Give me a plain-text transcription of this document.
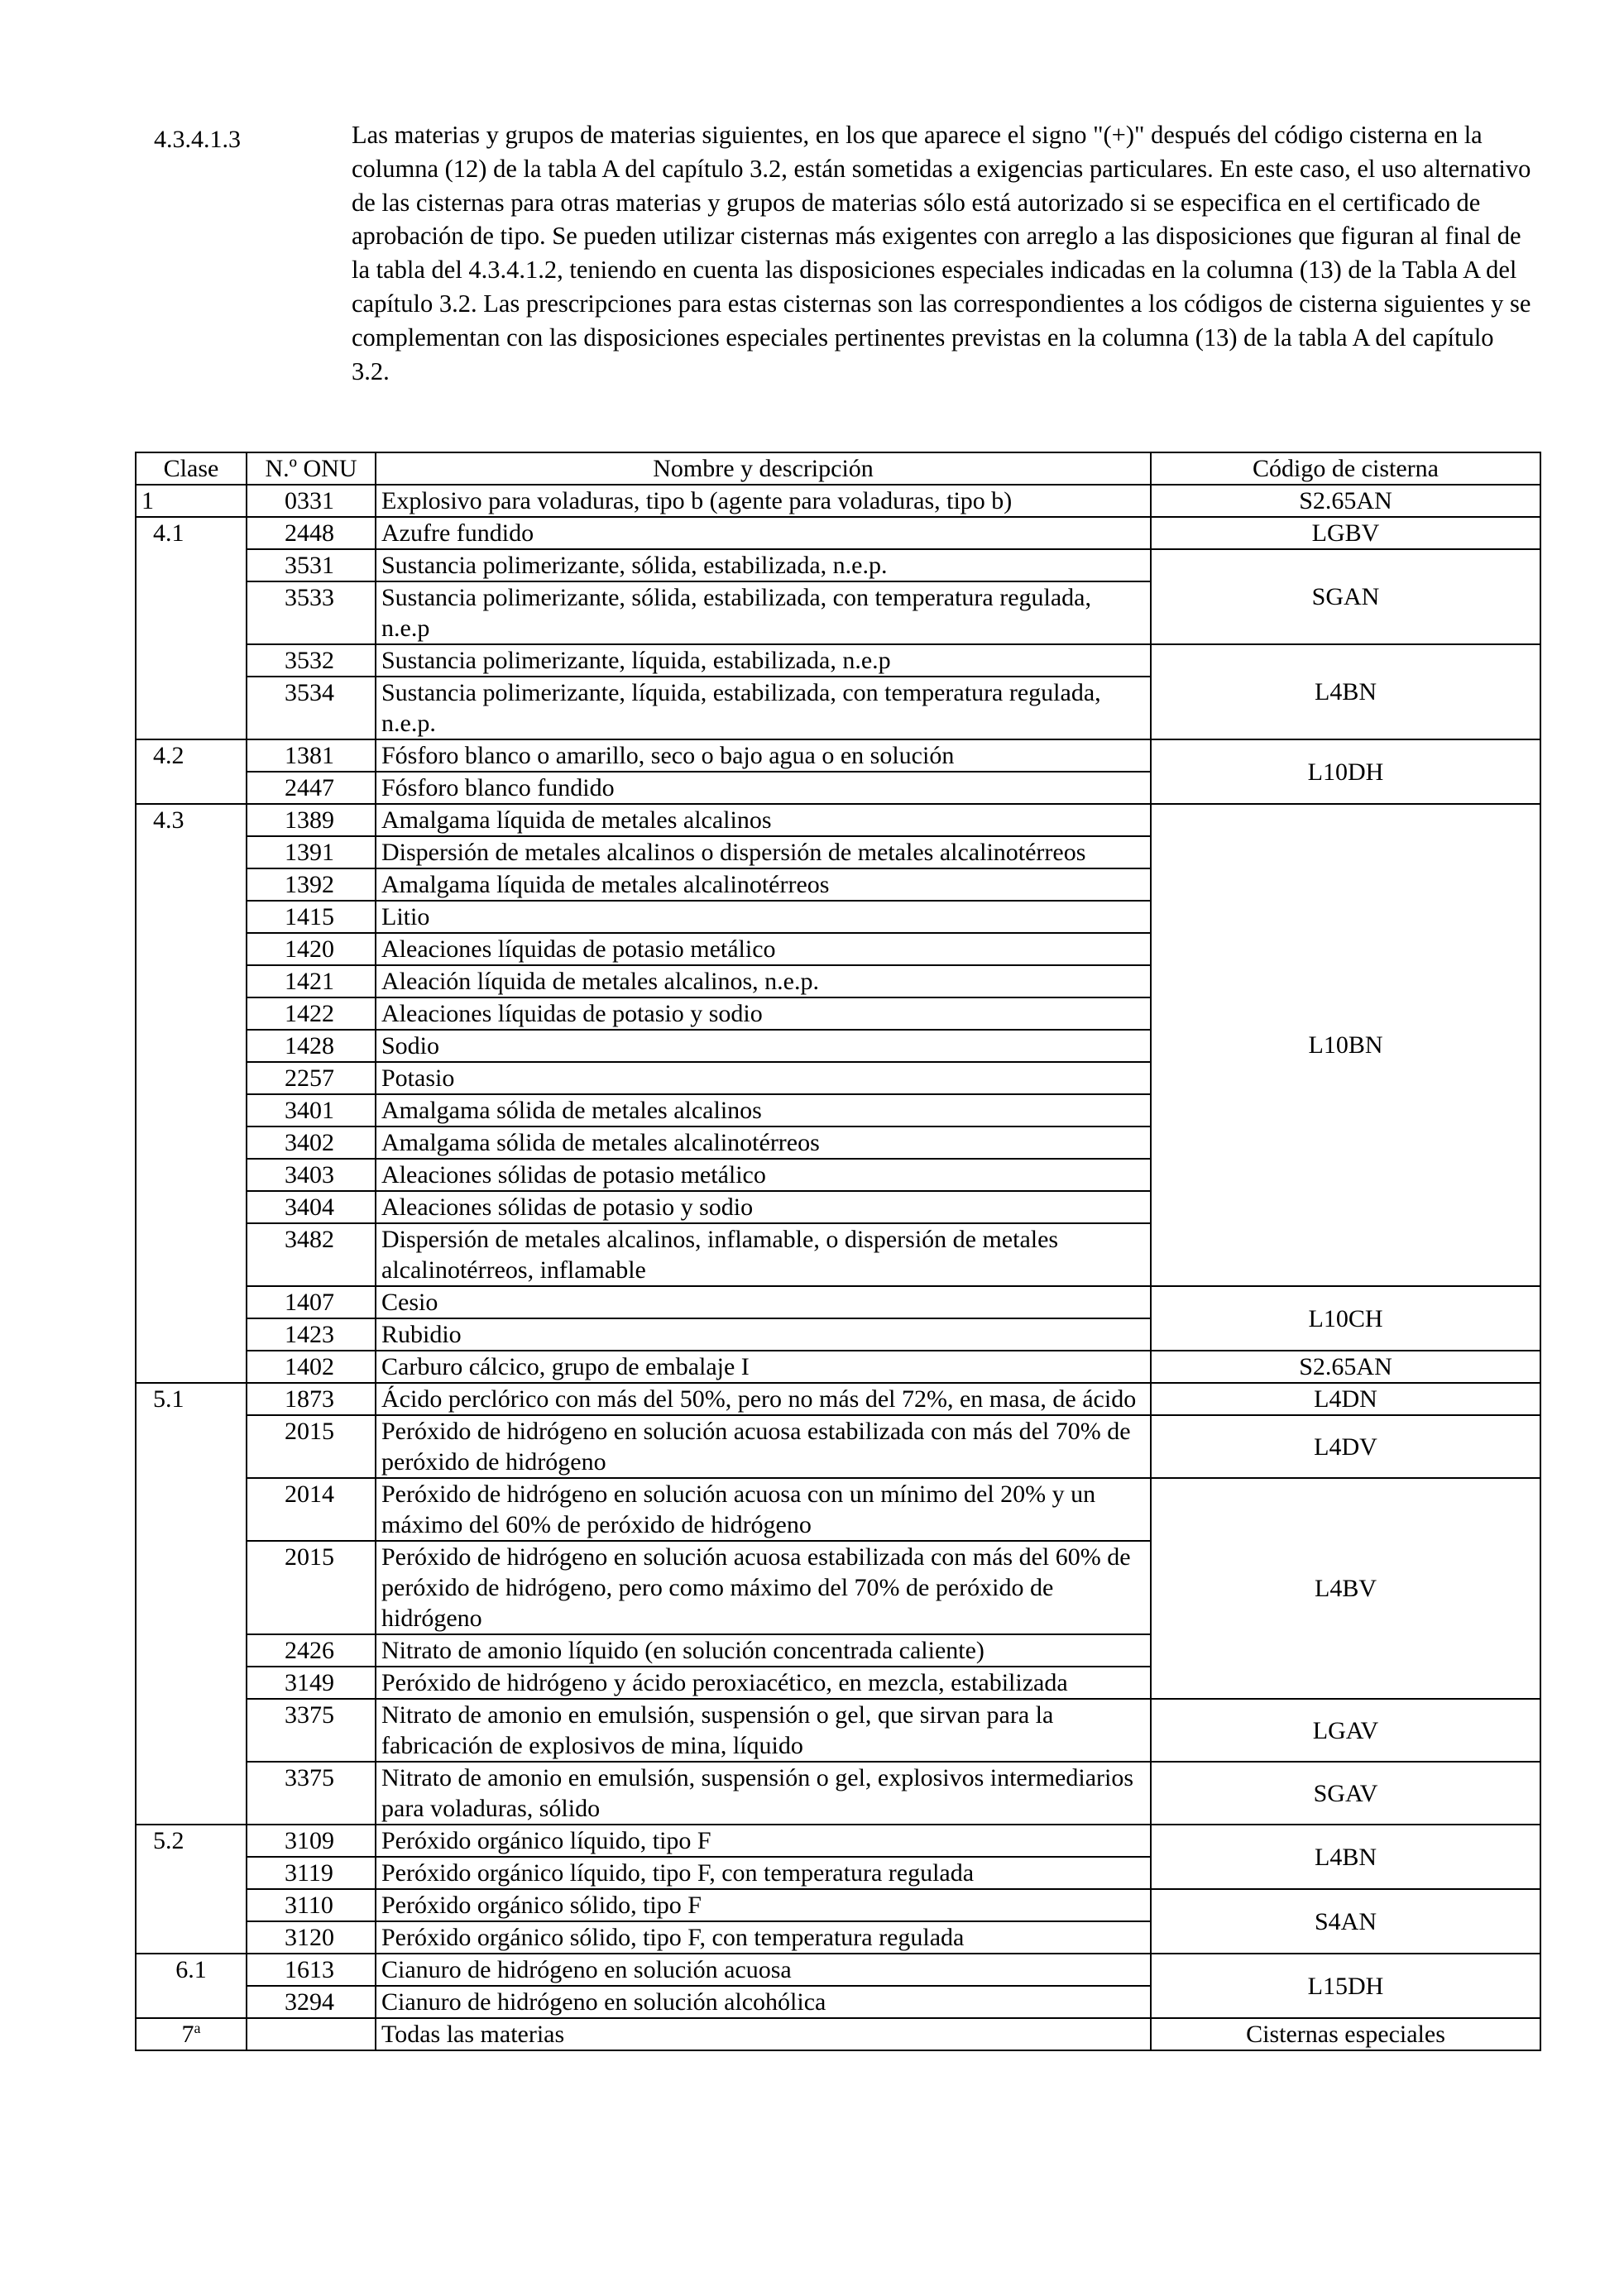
4.3.4.1.3	Las materias y grupos de materias siguientes, en los que aparece el signo "(+)" después del código cisterna en la columna (12) de la tabla A del capítulo 3.2, están sometidas a exigencias particulares. En este caso, el uso alternativo de las cisternas para otras materias y grupos de materias sólo está autorizado si se especifica en el certificado de aprobación de tipo. Se pueden utilizar cisternas más exigentes con arreglo a las disposiciones que figuran al final de la tabla del 4.3.4.1.2, teniendo en cuenta las disposiciones especiales indicadas en la columna (13) de la Tabla A del capítulo 3.2. Las prescripciones para estas cisternas son las correspondientes a los códigos de cisterna siguientes y se complementan con las disposiciones especiales pertinentes previstas en la columna (13) de la tabla A del capítulo 3.2.
Clase	N.º ONU	Nombre y descripción	Código de cisterna
1	0331	Explosivo para voladuras, tipo b (agente para voladuras, tipo b)	S2.65AN
4.1	2448	Azufre fundido	LGBV
	3531	Sustancia polimerizante, sólida, estabilizada, n.e.p.	SGAN
	3533	Sustancia polimerizante, sólida, estabilizada, con temperatura regulada, n.e.p	
	3532	Sustancia polimerizante, líquida, estabilizada, n.e.p	L4BN
	3534	Sustancia polimerizante, líquida, estabilizada, con temperatura regulada, n.e.p.	
4.2	1381	Fósforo blanco o amarillo, seco o bajo agua o en solución	L10DH
	2447	Fósforo blanco fundido	
4.3	1389	Amalgama líquida de metales alcalinos	L10BN
	1391	Dispersión de metales alcalinos o dispersión de metales alcalinotérreos	
	1392	Amalgama líquida de metales alcalinotérreos	
	1415	Litio	
	1420	Aleaciones líquidas de potasio metálico	
	1421	Aleación líquida de metales alcalinos, n.e.p.	
	1422	Aleaciones líquidas de potasio y sodio	
	1428	Sodio	
	2257	Potasio	
	3401	Amalgama sólida de metales alcalinos	
	3402	Amalgama sólida de metales alcalinotérreos	
	3403	Aleaciones sólidas de potasio metálico	
	3404	Aleaciones sólidas de potasio y sodio	
	3482	Dispersión de metales alcalinos, inflamable, o dispersión de metales alcalinotérreos, inflamable	
	1407	Cesio	L10CH
	1423	Rubidio	
	1402	Carburo cálcico, grupo de embalaje I	S2.65AN
5.1	1873	Ácido perclórico con más del 50%, pero no más del 72%, en masa, de ácido	L4DN
	2015	Peróxido de hidrógeno en solución acuosa estabilizada con más del 70% de peróxido de hidrógeno	L4DV
	2014	Peróxido de hidrógeno en solución acuosa con un mínimo del 20% y un máximo del 60% de peróxido de hidrógeno	L4BV
	2015	Peróxido de hidrógeno en solución acuosa estabilizada con más del 60% de peróxido de hidrógeno, pero como máximo del 70% de peróxido de hidrógeno	
	2426	Nitrato de amonio líquido (en solución concentrada caliente)	
	3149	Peróxido de hidrógeno y ácido peroxiacético, en mezcla, estabilizada	
	3375	Nitrato de amonio en emulsión, suspensión o gel, que sirvan para la fabricación de explosivos de mina, líquido	LGAV
	3375	Nitrato de amonio en emulsión, suspensión o gel, explosivos intermediarios para voladuras, sólido	SGAV
5.2	3109	Peróxido orgánico líquido, tipo F	L4BN
	3119	Peróxido orgánico líquido, tipo F, con temperatura regulada	
	3110	Peróxido orgánico sólido, tipo F	S4AN
	3120	Peróxido orgánico sólido, tipo F, con temperatura regulada	
6.1	1613	Cianuro de hidrógeno en solución acuosa	L15DH
	3294	Cianuro de hidrógeno en solución alcohólica	
7$^a$		Todas las materias	Cisternas especiales
